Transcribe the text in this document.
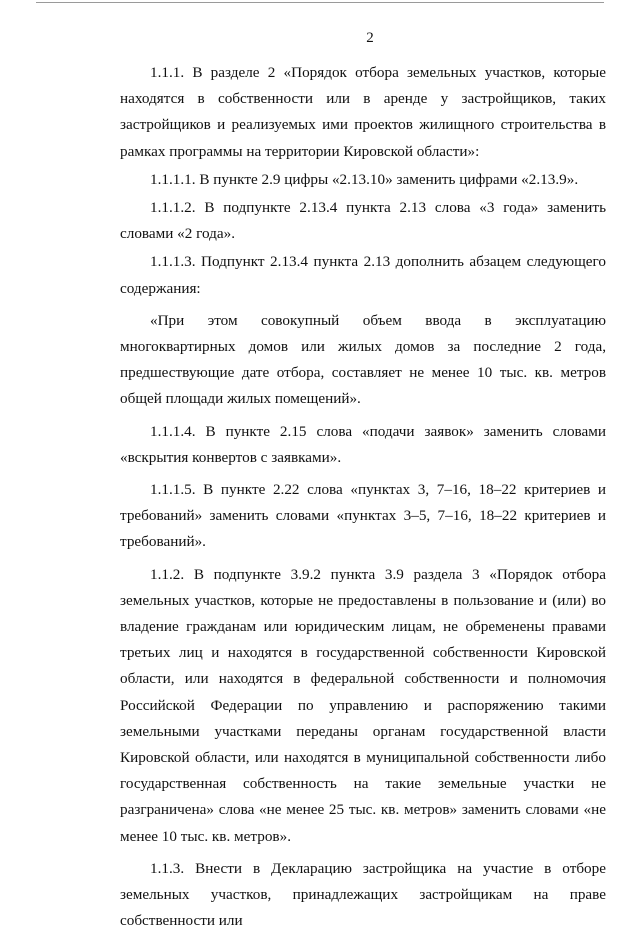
2

1.1.1. В разделе 2 «Порядок отбора земельных участков, которые находятся в собственности или в аренде у застройщиков, таких застройщиков и реализуемых ими проектов жилищного строительства в рамках программы на территории Кировской области»:

1.1.1.1. В пункте 2.9 цифры «2.13.10» заменить цифрами «2.13.9».

1.1.1.2. В подпункте 2.13.4 пункта 2.13 слова «3 года» заменить словами «2 года».

1.1.1.3. Подпункт 2.13.4 пункта 2.13 дополнить абзацем следующего содержания:

«При этом совокупный объем ввода в эксплуатацию многоквартирных домов или жилых домов за последние 2 года, предшествующие дате отбора, составляет не менее 10 тыс. кв. метров общей площади жилых помещений».

1.1.1.4. В пункте 2.15 слова «подачи заявок» заменить словами «вскрытия конвертов с заявками».

1.1.1.5. В пункте 2.22 слова «пунктах 3, 7–16, 18–22 критериев и требований» заменить словами «пунктах 3–5, 7–16, 18–22 критериев и требований».

1.1.2. В подпункте 3.9.2 пункта 3.9 раздела 3 «Порядок отбора земельных участков, которые не предоставлены в пользование и (или) во владение гражданам или юридическим лицам, не обременены правами третьих лиц и находятся в государственной собственности Кировской области, или находятся в федеральной собственности и полномочия Российской Федерации по управлению и распоряжению такими земельными участками переданы органам государственной власти Кировской области, или находятся в муниципальной собственности либо государственная собственность на такие земельные участки не разграничена» слова «не менее 25 тыс. кв. метров» заменить словами «не менее 10 тыс. кв. метров».

1.1.3. Внести в Декларацию застройщика на участие в отборе земельных участков, принадлежащих застройщикам на праве собственности или
